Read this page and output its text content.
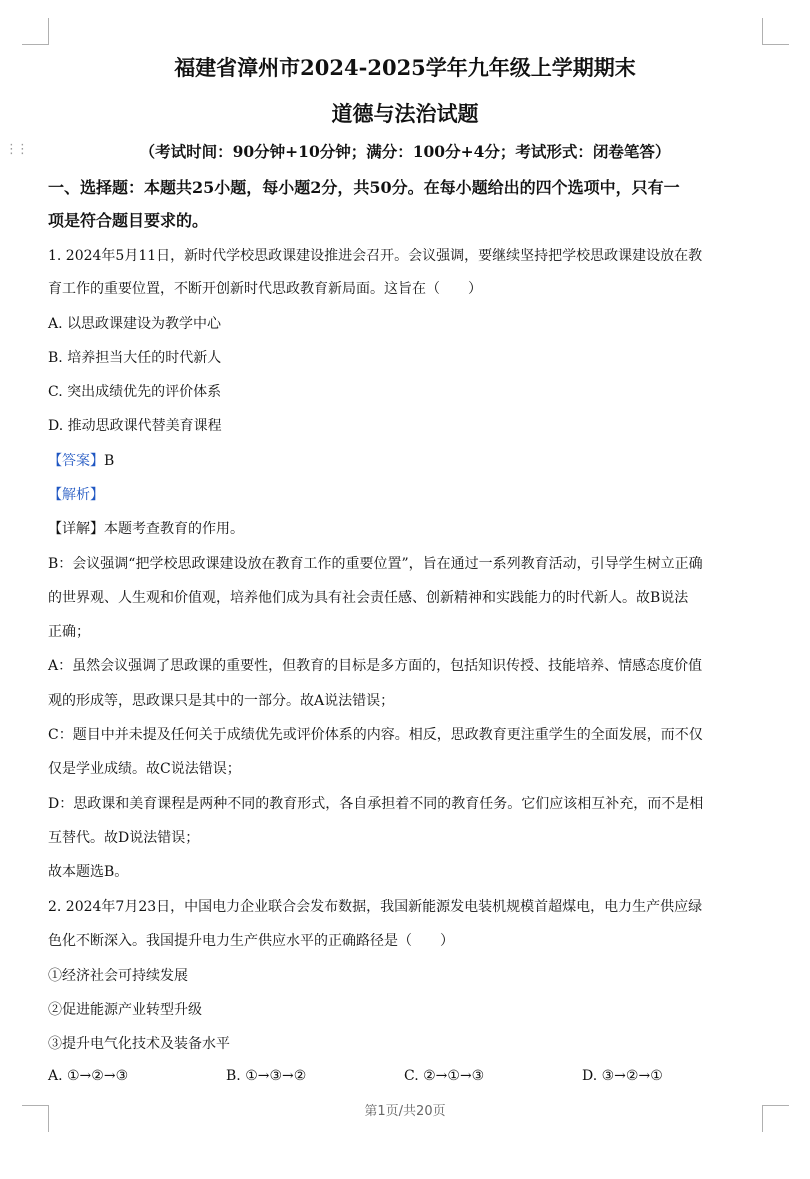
⋮⋮
福建省漳州市2024-2025学年九年级上学期期末
道德与法治试题
（考试时间：90分钟+10分钟；满分：100分+4分；考试形式：闭卷笔答）
一、选择题：本题共25小题，每小题2分，共50分。在每小题给出的四个选项中，只有一
项是符合题目要求的。
1. 2024年5月11日，新时代学校思政课建设推进会召开。会议强调，要继续坚持把学校思政课建设放在教
育工作的重要位置，不断开创新时代思政教育新局面。这旨在（　　）
A. 以思政课建设为教学中心
B. 培养担当大任的时代新人
C. 突出成绩优先的评价体系
D. 推动思政课代替美育课程
【答案】B
【解析】
【详解】本题考查教育的作用。
B：会议强调“把学校思政课建设放在教育工作的重要位置”，旨在通过一系列教育活动，引导学生树立正确
的世界观、人生观和价值观，培养他们成为具有社会责任感、创新精神和实践能力的时代新人。故B说法
正确；
A：虽然会议强调了思政课的重要性，但教育的目标是多方面的，包括知识传授、技能培养、情感态度价值
观的形成等，思政课只是其中的一部分。故A说法错误；
C：题目中并未提及任何关于成绩优先或评价体系的内容。相反，思政教育更注重学生的全面发展，而不仅
仅是学业成绩。故C说法错误；
D：思政课和美育课程是两种不同的教育形式，各自承担着不同的教育任务。它们应该相互补充，而不是相
互替代。故D说法错误；
故本题选B。
2. 2024年7月23日，中国电力企业联合会发布数据，我国新能源发电装机规模首超煤电，电力生产供应绿
色化不断深入。我国提升电力生产供应水平的正确路径是（　　）
①经济社会可持续发展
②促进能源产业转型升级
③提升电气化技术及装备水平
A. ①→②→③	B. ①→③→②	C. ②→①→③	D. ③→②→①
第1页/共20页
